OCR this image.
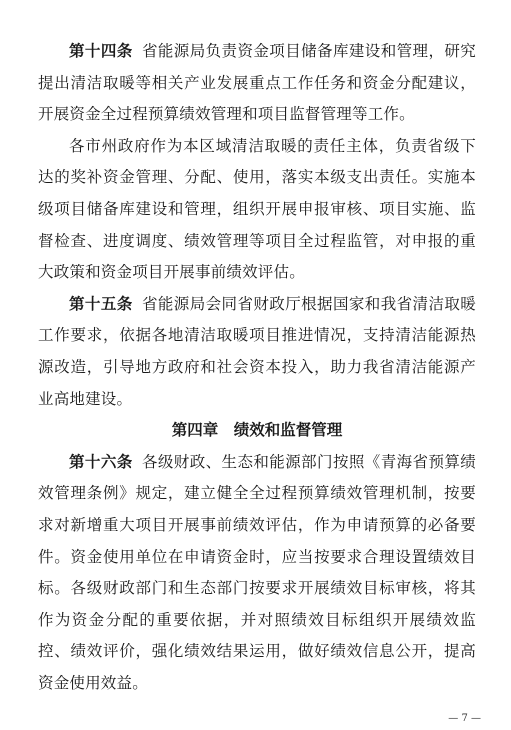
第十四条 省能源局负责资金项目储备库建设和管理，研究提出清洁取暖等相关产业发展重点工作任务和资金分配建议，开展资金全过程预算绩效管理和项目监督管理等工作。

各市州政府作为本区域清洁取暖的责任主体，负责省级下达的奖补资金管理、分配、使用，落实本级支出责任。实施本级项目储备库建设和管理，组织开展申报审核、项目实施、监督检查、进度调度、绩效管理等项目全过程监管，对申报的重大政策和资金项目开展事前绩效评估。

第十五条 省能源局会同省财政厅根据国家和我省清洁取暖工作要求，依据各地清洁取暖项目推进情况，支持清洁能源热源改造，引导地方政府和社会资本投入，助力我省清洁能源产业高地建设。

第四章 绩效和监督管理

第十六条 各级财政、生态和能源部门按照《青海省预算绩效管理条例》规定，建立健全全过程预算绩效管理机制，按要求对新增重大项目开展事前绩效评估，作为申请预算的必备要件。资金使用单位在申请资金时，应当按要求合理设置绩效目标。各级财政部门和生态部门按要求开展绩效目标审核，将其作为资金分配的重要依据，并对照绩效目标组织开展绩效监控、绩效评价，强化绩效结果运用，做好绩效信息公开，提高资金使用效益。

— 7 —
